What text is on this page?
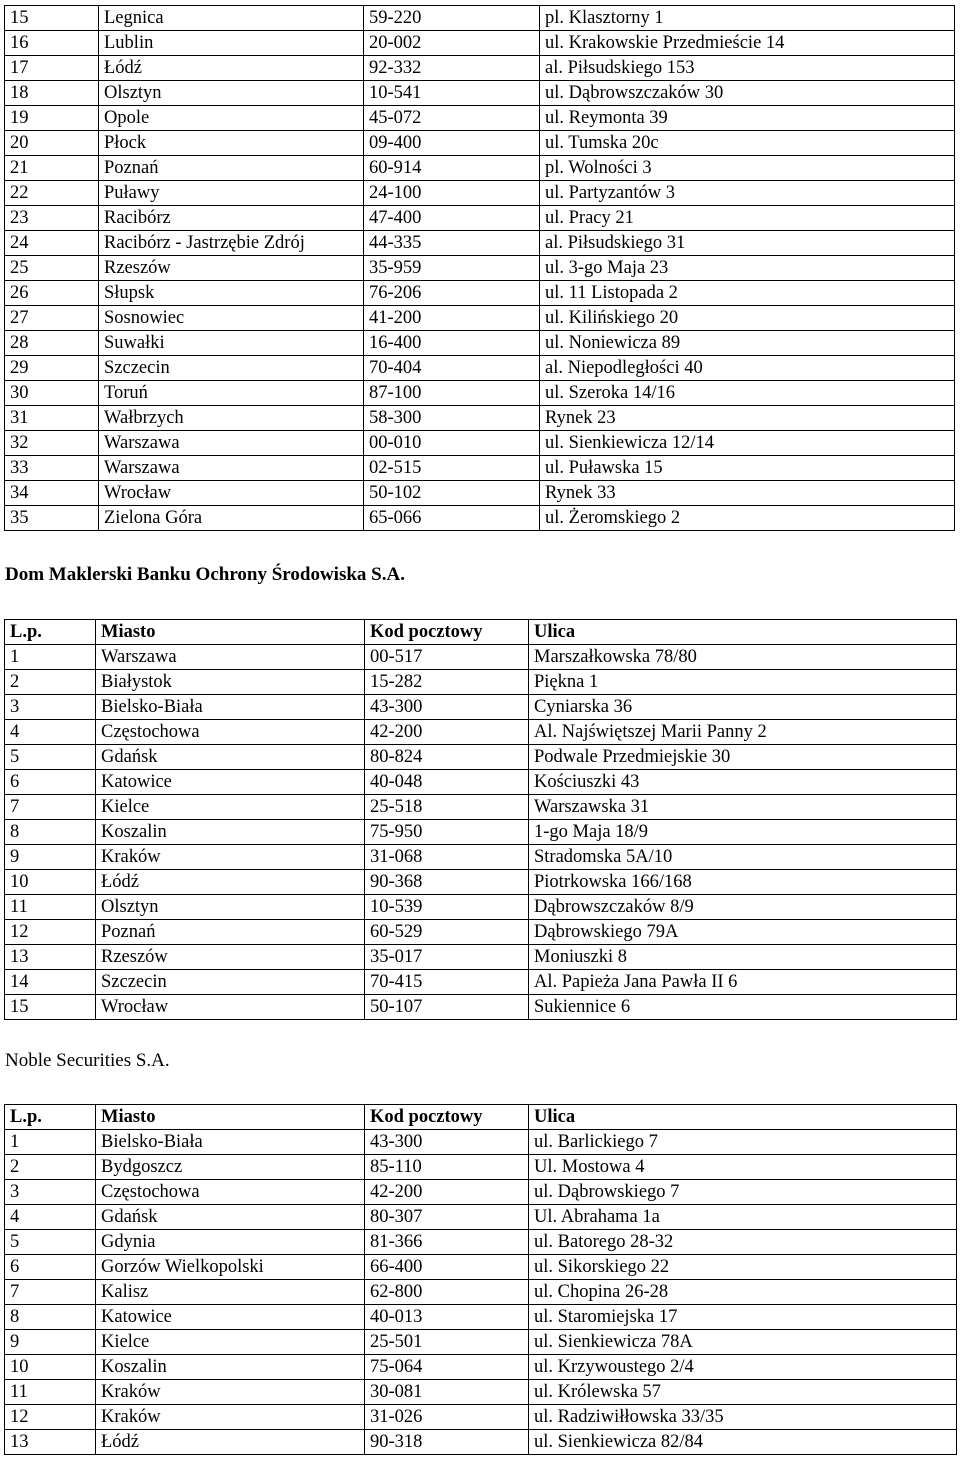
15	Legnica	59-220	pl. Klasztorny 1
16	Lublin	20-002	ul. Krakowskie Przedmieście 14
17	Łódź	92-332	al. Piłsudskiego 153
18	Olsztyn	10-541	ul. Dąbrowszczaków 30
19	Opole	45-072	ul. Reymonta 39
20	Płock	09-400	ul. Tumska 20c
21	Poznań	60-914	pl. Wolności 3
22	Puławy	24-100	ul. Partyzantów 3
23	Racibórz	47-400	ul. Pracy 21
24	Racibórz - Jastrzębie Zdrój	44-335	al. Piłsudskiego 31
25	Rzeszów	35-959	ul. 3-go Maja 23
26	Słupsk	76-206	ul. 11 Listopada 2
27	Sosnowiec	41-200	ul. Kilińskiego 20
28	Suwałki	16-400	ul. Noniewicza 89
29	Szczecin	70-404	al. Niepodległości 40
30	Toruń	87-100	ul. Szeroka 14/16
31	Wałbrzych	58-300	Rynek 23
32	Warszawa	00-010	ul. Sienkiewicza 12/14
33	Warszawa	02-515	ul. Puławska 15
34	Wrocław	50-102	Rynek 33
35	Zielona Góra	65-066	ul. Żeromskiego 2
Dom Maklerski Banku Ochrony Środowiska S.A.
L.p.	Miasto	Kod pocztowy	Ulica
1	Warszawa	00-517	Marszałkowska 78/80
2	Białystok	15-282	Piękna 1
3	Bielsko-Biała	43-300	Cyniarska 36
4	Częstochowa	42-200	Al. Najświętszej Marii Panny 2
5	Gdańsk	80-824	Podwale Przedmiejskie 30
6	Katowice	40-048	Kościuszki 43
7	Kielce	25-518	Warszawska 31
8	Koszalin	75-950	1-go Maja 18/9
9	Kraków	31-068	Stradomska 5A/10
10	Łódź	90-368	Piotrkowska 166/168
11	Olsztyn	10-539	Dąbrowszczaków 8/9
12	Poznań	60-529	Dąbrowskiego 79A
13	Rzeszów	35-017	Moniuszki 8
14	Szczecin	70-415	Al. Papieża Jana Pawła II 6
15	Wrocław	50-107	Sukiennice 6
Noble Securities S.A.
L.p.	Miasto	Kod pocztowy	Ulica
1	Bielsko-Biała	43-300	ul. Barlickiego 7
2	Bydgoszcz	85-110	Ul. Mostowa 4
3	Częstochowa	42-200	ul. Dąbrowskiego 7
4	Gdańsk	80-307	Ul. Abrahama 1a
5	Gdynia	81-366	ul. Batorego 28-32
6	Gorzów Wielkopolski	66-400	ul. Sikorskiego 22
7	Kalisz	62-800	ul. Chopina 26-28
8	Katowice	40-013	ul. Staromiejska 17
9	Kielce	25-501	ul. Sienkiewicza 78A
10	Koszalin	75-064	ul. Krzywoustego 2/4
11	Kraków	30-081	ul. Królewska 57
12	Kraków	31-026	ul. Radziwiłłowska 33/35
13	Łódź	90-318	ul. Sienkiewicza 82/84
